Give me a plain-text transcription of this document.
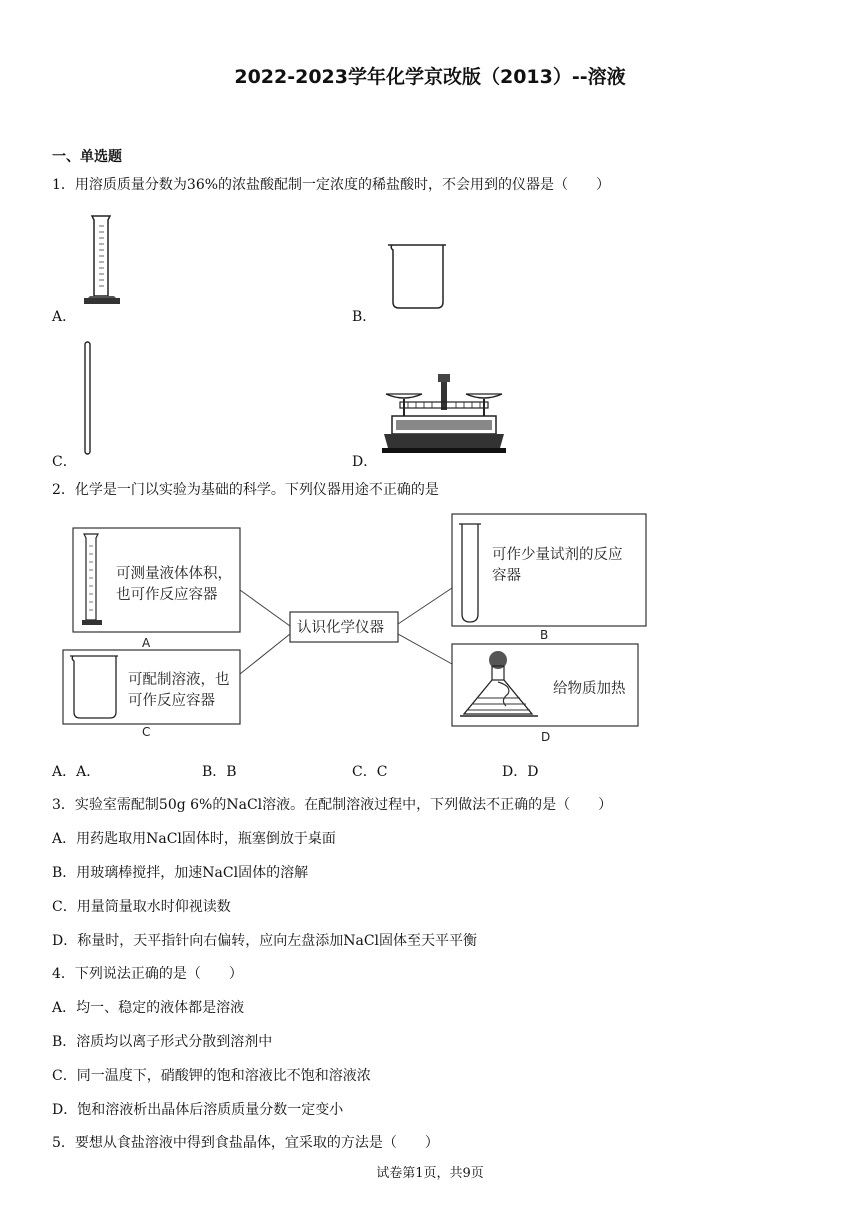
2022-2023学年化学京改版（2013）--溶液
一、单选题
1．用溶质质量分数为36%的浓盐酸配制一定浓度的稀盐酸时，不会用到的仪器是（　　）
A．	B．
C．	D．
2．化学是一门以实验为基础的科学。下列仪器用途不正确的是
可测量液体体积，
也可作反应容器
认识化学仪器
可作少量试剂的反应
容器
可配制溶液，也
可作反应容器
给物质加热
A
B
C	D
A．A．	B．B	C．C	D．D
3．实验室需配制50g 6%的NaCl溶液。在配制溶液过程中，下列做法不正确的是（　　）
A．用药匙取用NaCl固体时，瓶塞倒放于桌面
B．用玻璃棒搅拌，加速NaCl固体的溶解
C．用量筒量取水时仰视读数
D．称量时，天平指针向右偏转，应向左盘添加NaCl固体至天平平衡
4．下列说法正确的是（　　）
A．均一、稳定的液体都是溶液
B．溶质均以离子形式分散到溶剂中
C．同一温度下，硝酸钾的饱和溶液比不饱和溶液浓
D．饱和溶液析出晶体后溶质质量分数一定变小
5．要想从食盐溶液中得到食盐晶体，宜采取的方法是（　　）
试卷第1页，共9页
